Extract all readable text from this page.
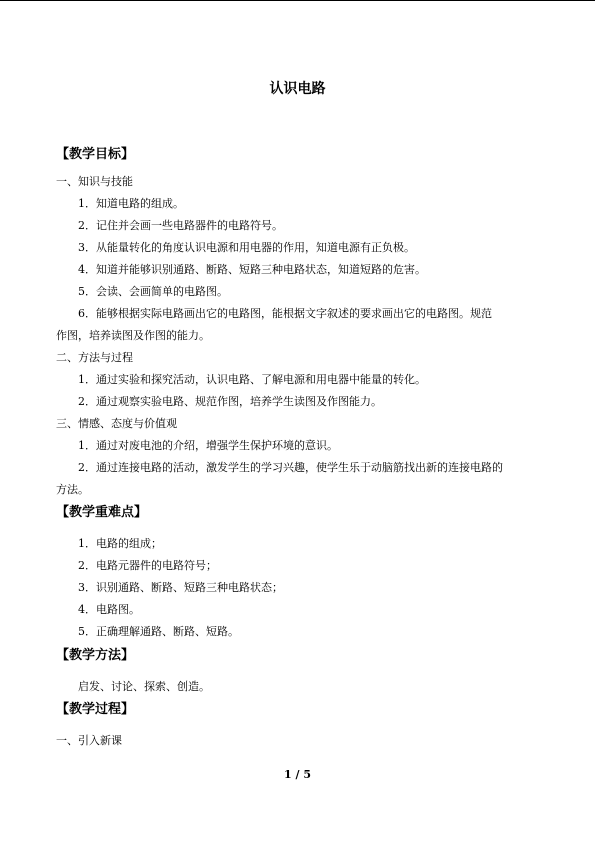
认识电路
【教学目标】
一、知识与技能
1．知道电路的组成。
2．记住并会画一些电路器件的电路符号。
3．从能量转化的角度认识电源和用电器的作用，知道电源有正负极。
4．知道并能够识别通路、断路、短路三种电路状态，知道短路的危害。
5．会读、会画简单的电路图。
6．能够根据实际电路画出它的电路图，能根据文字叙述的要求画出它的电路图。规范
作图，培养读图及作图的能力。
二、方法与过程
1．通过实验和探究活动，认识电路、了解电源和用电器中能量的转化。
2．通过观察实验电路、规范作图，培养学生读图及作图能力。
三、情感、态度与价值观
1．通过对废电池的介绍，增强学生保护环境的意识。
2．通过连接电路的活动，激发学生的学习兴趣，使学生乐于动脑筋找出新的连接电路的
方法。
【教学重难点】
1．电路的组成；
2．电路元器件的电路符号；
3．识别通路、断路、短路三种电路状态；
4．电路图。
5．正确理解通路、断路、短路。
【教学方法】
启发、讨论、探索、创造。
【教学过程】
一、引入新课
1 / 5
